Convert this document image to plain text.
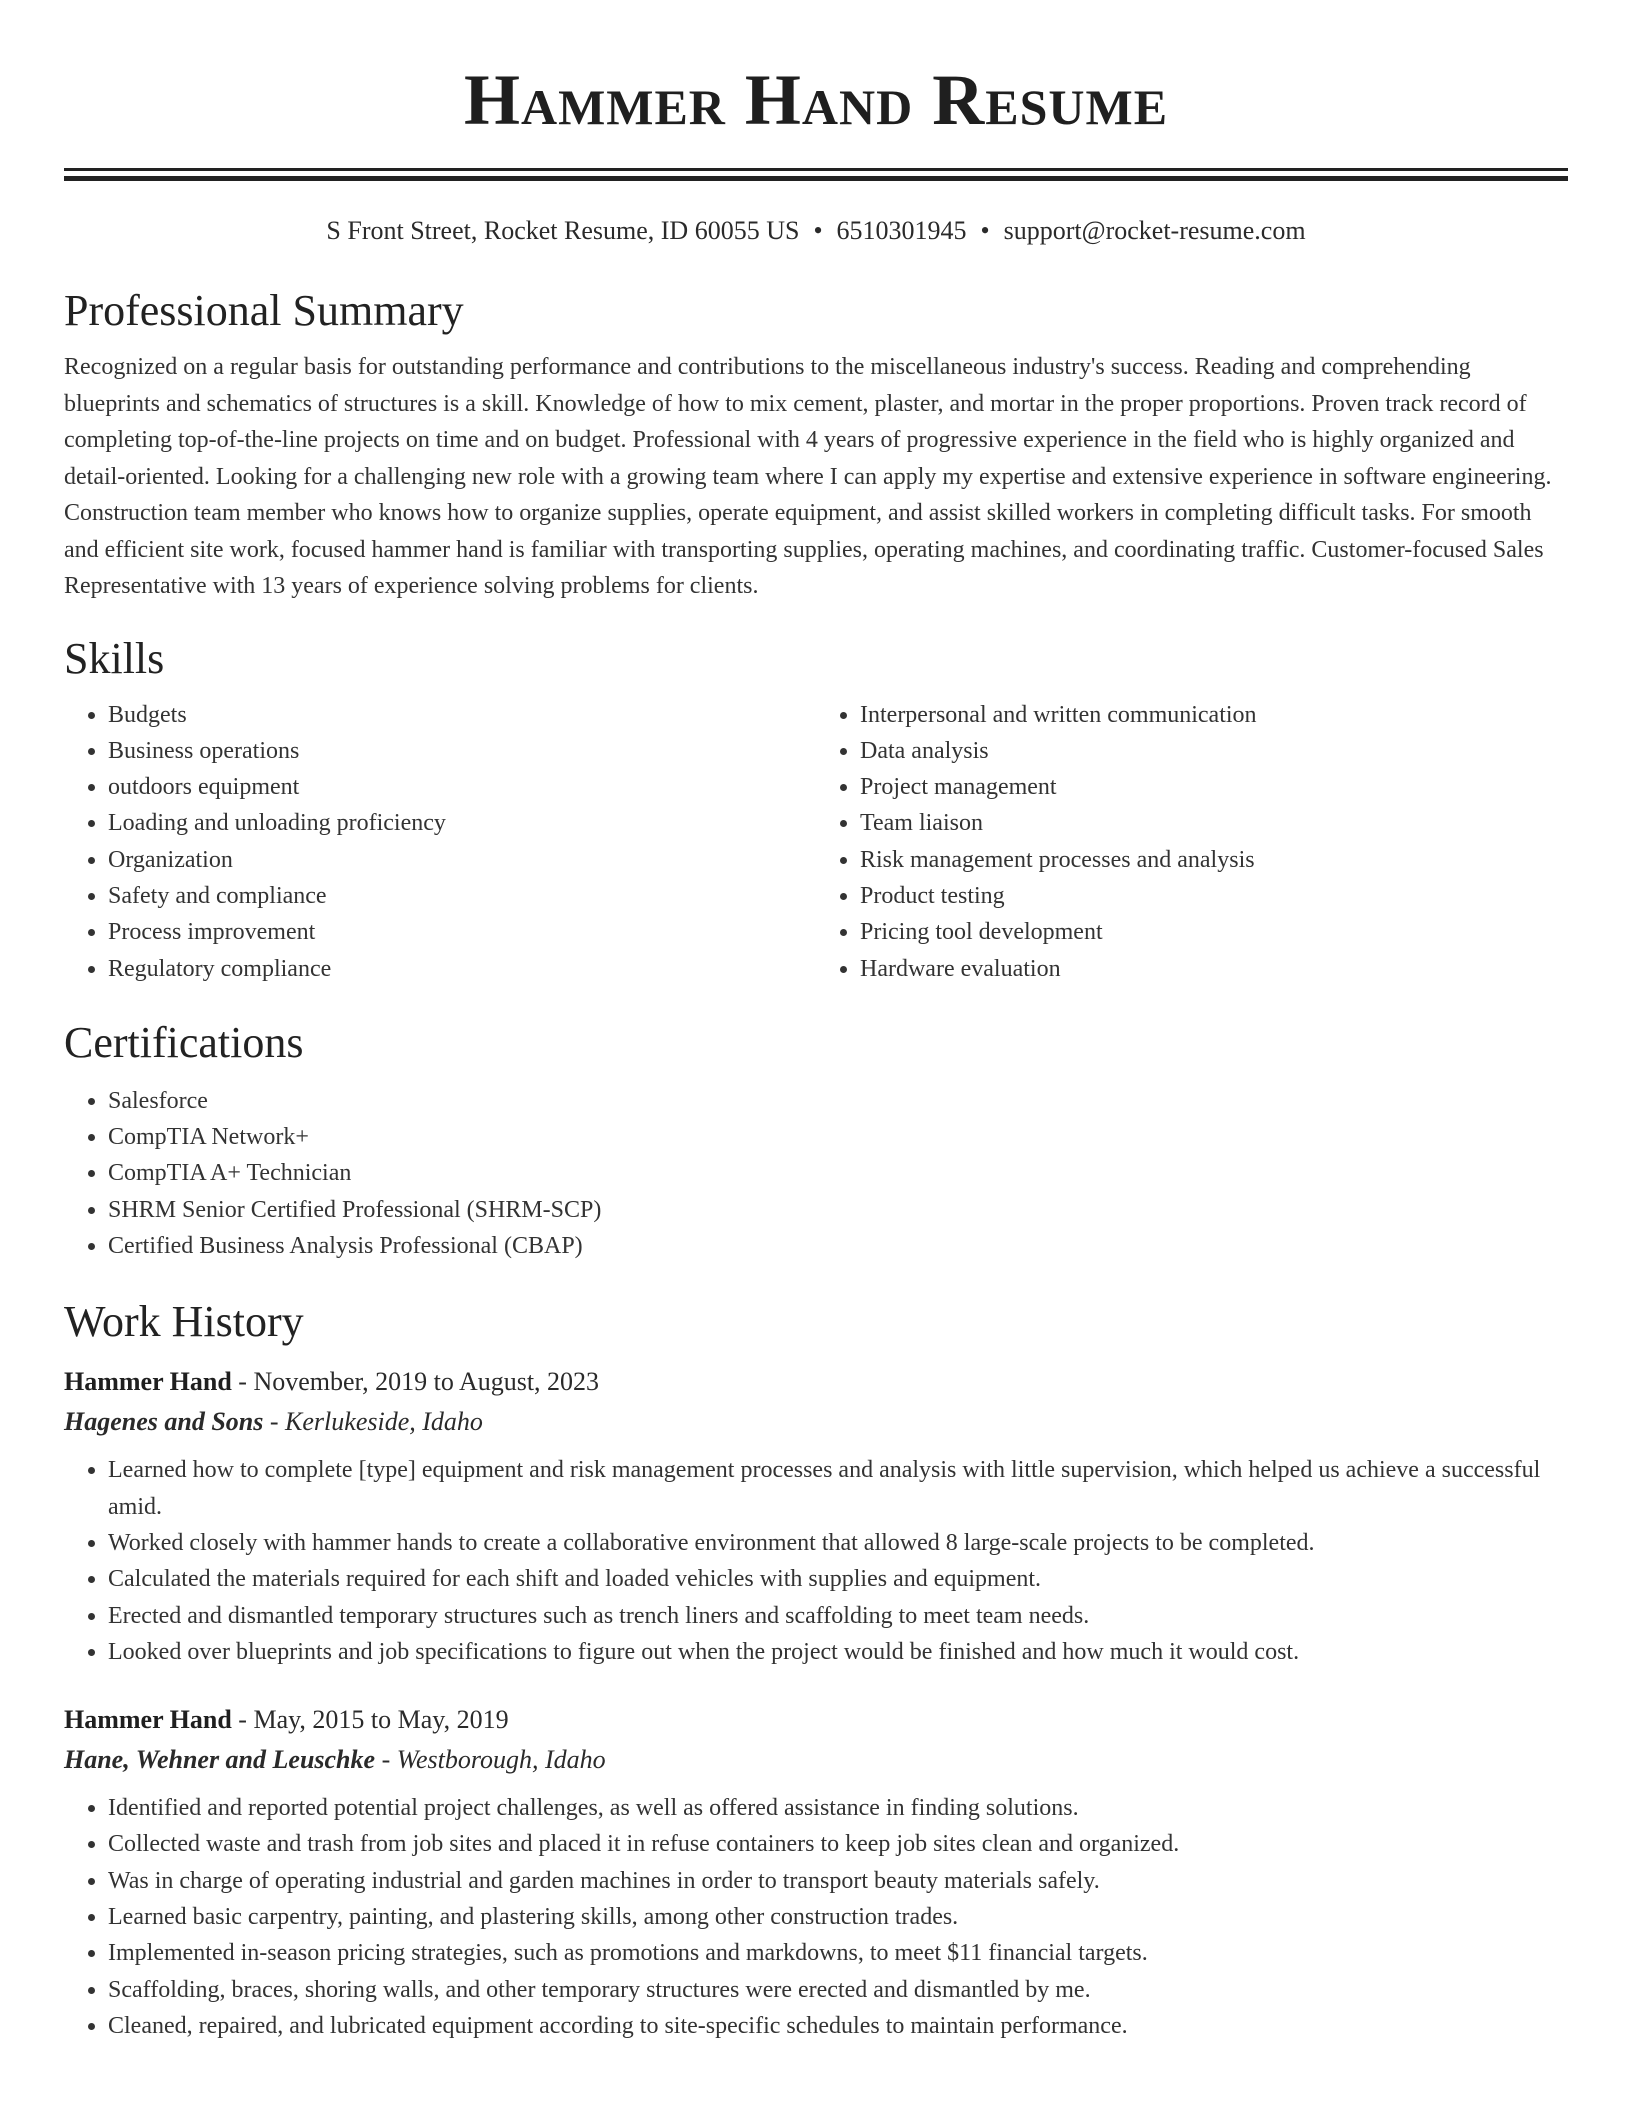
Hammer Hand Resume
S Front Street, Rocket Resume, ID 60055 US • 6510301945 • support@rocket-resume.com
Professional Summary

Recognized on a regular basis for outstanding performance and contributions to the miscellaneous industry's success. Reading and comprehending blueprints and schematics of structures is a skill. Knowledge of how to mix cement, plaster, and mortar in the proper proportions. Proven track record of completing top-of-the-line projects on time and on budget. Professional with 4 years of progressive experience in the field who is highly organized and detail-oriented. Looking for a challenging new role with a growing team where I can apply my expertise and extensive experience in software engineering. Construction team member who knows how to organize supplies, operate equipment, and assist skilled workers in completing difficult tasks. For smooth and efficient site work, focused hammer hand is familiar with transporting supplies, operating machines, and coordinating traffic. Customer-focused Sales Representative with 13 years of experience solving problems for clients.

Skills
• Budgets
• Business operations
• outdoors equipment
• Loading and unloading proficiency
• Organization
• Safety and compliance
• Process improvement
• Regulatory compliance
• Interpersonal and written communication
• Data analysis
• Project management
• Team liaison
• Risk management processes and analysis
• Product testing
• Pricing tool development
• Hardware evaluation
Certifications
• Salesforce
• CompTIA Network+
• CompTIA A+ Technician
• SHRM Senior Certified Professional (SHRM-SCP)
• Certified Business Analysis Professional (CBAP)
Work History
Hammer Hand - November, 2019 to August, 2023
Hagenes and Sons - Kerlukeside, Idaho
• Learned how to complete [type] equipment and risk management processes and analysis with little supervision, which helped us achieve a successful amid.
• Worked closely with hammer hands to create a collaborative environment that allowed 8 large-scale projects to be completed.
• Calculated the materials required for each shift and loaded vehicles with supplies and equipment.
• Erected and dismantled temporary structures such as trench liners and scaffolding to meet team needs.
• Looked over blueprints and job specifications to figure out when the project would be finished and how much it would cost.
Hammer Hand - May, 2015 to May, 2019
Hane, Wehner and Leuschke - Westborough, Idaho
• Identified and reported potential project challenges, as well as offered assistance in finding solutions.
• Collected waste and trash from job sites and placed it in refuse containers to keep job sites clean and organized.
• Was in charge of operating industrial and garden machines in order to transport beauty materials safely.
• Learned basic carpentry, painting, and plastering skills, among other construction trades.
• Implemented in-season pricing strategies, such as promotions and markdowns, to meet $11 financial targets.
• Scaffolding, braces, shoring walls, and other temporary structures were erected and dismantled by me.
• Cleaned, repaired, and lubricated equipment according to site-specific schedules to maintain performance.
